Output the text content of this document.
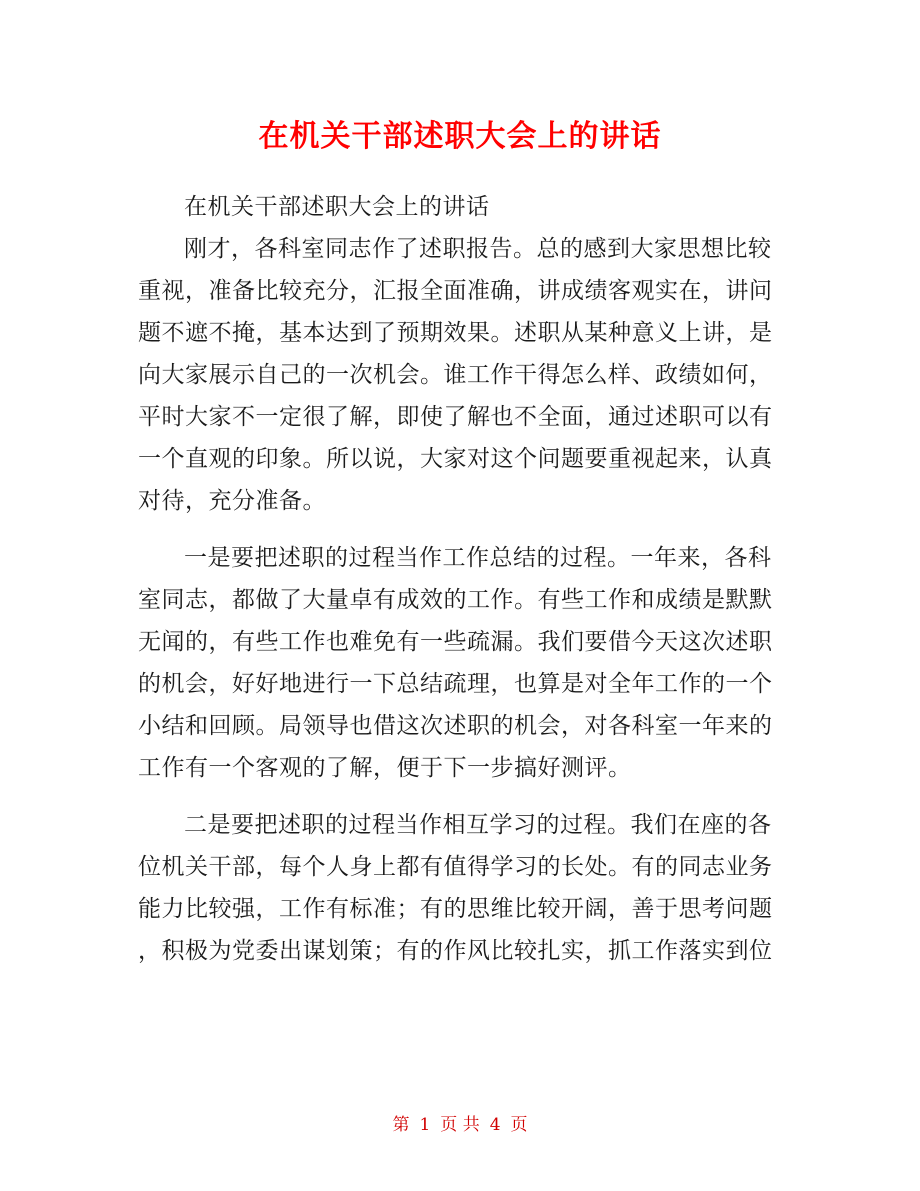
在机关干部述职大会上的讲话
在机关干部述职大会上的讲话
刚才，各科室同志作了述职报告。总的感到大家思想比较
重视，准备比较充分，汇报全面准确，讲成绩客观实在，讲问
题不遮不掩，基本达到了预期效果。述职从某种意义上讲，是
向大家展示自己的一次机会。谁工作干得怎么样、政绩如何，
平时大家不一定很了解，即使了解也不全面，通过述职可以有
一个直观的印象。所以说，大家对这个问题要重视起来，认真
对待，充分准备。
一是要把述职的过程当作工作总结的过程。一年来，各科
室同志，都做了大量卓有成效的工作。有些工作和成绩是默默
无闻的，有些工作也难免有一些疏漏。我们要借今天这次述职
的机会，好好地进行一下总结疏理，也算是对全年工作的一个
小结和回顾。局领导也借这次述职的机会，对各科室一年来的
工作有一个客观的了解，便于下一步搞好测评。
二是要把述职的过程当作相互学习的过程。我们在座的各
位机关干部，每个人身上都有值得学习的长处。有的同志业务
能力比较强，工作有标准；有的思维比较开阔，善于思考问题
，积极为党委出谋划策；有的作风比较扎实，抓工作落实到位
第 1 页 共 4 页
